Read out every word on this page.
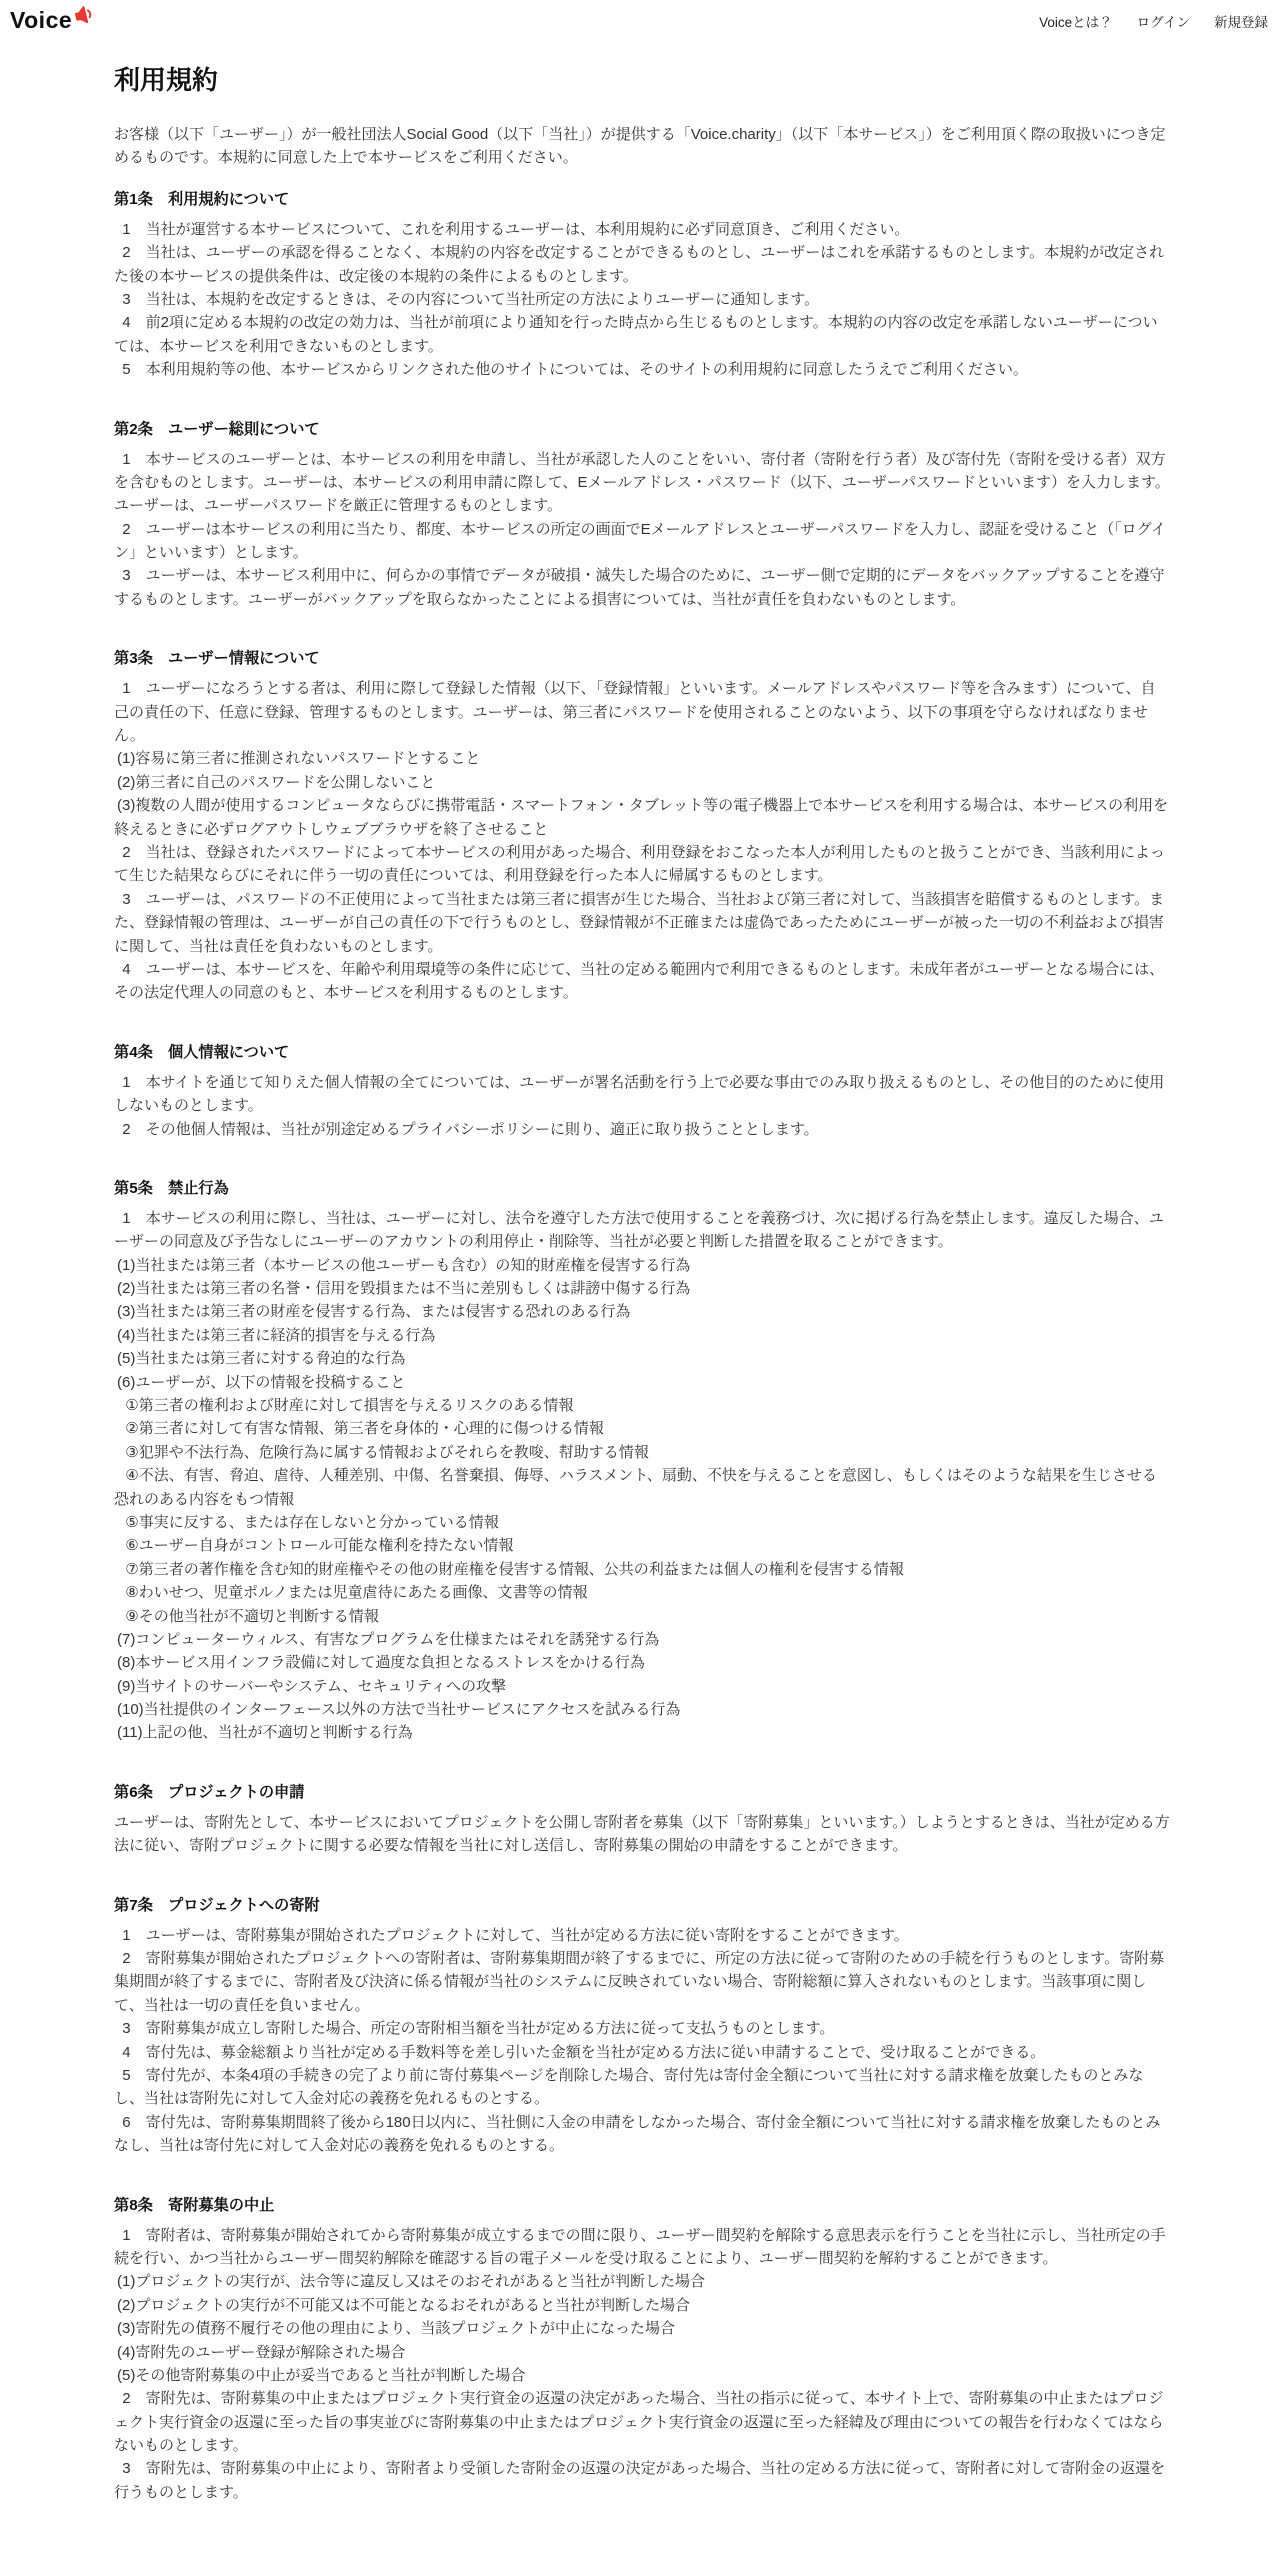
Voice	Voiceとは？ ログイン 新規登録
利用規約

お客様（以下「ユーザー」）が一般社団法人Social Good（以下「当社」）が提供する「Voice.charity」（以下「本サービス」）をご利用頂く際の取扱いにつき定めるものです。本規約に同意した上で本サービスをご利用ください。

第1条　利用規約について

1　当社が運営する本サービスについて、これを利用するユーザーは、本利用規約に必ず同意頂き、ご利用ください。

2　当社は、ユーザーの承認を得ることなく、本規約の内容を改定することができるものとし、ユーザーはこれを承諾するものとします。本規約が改定された後の本サービスの提供条件は、改定後の本規約の条件によるものとします。

3　当社は、本規約を改定するときは、その内容について当社所定の方法によりユーザーに通知します。

4　前2項に定める本規約の改定の効力は、当社が前項により通知を行った時点から生じるものとします。本規約の内容の改定を承諾しないユーザーについては、本サービスを利用できないものとします。

5　本利用規約等の他、本サービスからリンクされた他のサイトについては、そのサイトの利用規約に同意したうえでご利用ください。

第2条　ユーザー総則について

1　本サービスのユーザーとは、本サービスの利用を申請し、当社が承認した人のことをいい、寄付者（寄附を行う者）及び寄付先（寄附を受ける者）双方を含むものとします。ユーザーは、本サービスの利用申請に際して、Eメールアドレス・パスワード（以下、ユーザーパスワードといいます）を入力します。ユーザーは、ユーザーパスワードを厳正に管理するものとします。

2　ユーザーは本サービスの利用に当たり、都度、本サービスの所定の画面でEメールアドレスとユーザーパスワードを入力し、認証を受けること（「ログイン」といいます）とします。

3　ユーザーは、本サービス利用中に、何らかの事情でデータが破損・滅失した場合のために、ユーザー側で定期的にデータをバックアップすることを遵守するものとします。ユーザーがバックアップを取らなかったことによる損害については、当社が責任を負わないものとします。

第3条　ユーザー情報について

1　ユーザーになろうとする者は、利用に際して登録した情報（以下、「登録情報」といいます。メールアドレスやパスワード等を含みます）について、自己の責任の下、任意に登録、管理するものとします。ユーザーは、第三者にパスワードを使用されることのないよう、以下の事項を守らなければなりません。

(1)容易に第三者に推測されないパスワードとすること

(2)第三者に自己のパスワードを公開しないこと

(3)複数の人間が使用するコンピュータならびに携帯電話・スマートフォン・タブレット等の電子機器上で本サービスを利用する場合は、本サービスの利用を終えるときに必ずログアウトしウェブブラウザを終了させること

2　当社は、登録されたパスワードによって本サービスの利用があった場合、利用登録をおこなった本人が利用したものと扱うことができ、当該利用によって生じた結果ならびにそれに伴う一切の責任については、利用登録を行った本人に帰属するものとします。

3　ユーザーは、パスワードの不正使用によって当社または第三者に損害が生じた場合、当社および第三者に対して、当該損害を賠償するものとします。また、登録情報の管理は、ユーザーが自己の責任の下で行うものとし、登録情報が不正確または虚偽であったためにユーザーが被った一切の不利益および損害に関して、当社は責任を負わないものとします。

4　ユーザーは、本サービスを、年齢や利用環境等の条件に応じて、当社の定める範囲内で利用できるものとします。未成年者がユーザーとなる場合には、その法定代理人の同意のもと、本サービスを利用するものとします。

第4条　個人情報について

1　本サイトを通じて知りえた個人情報の全てについては、ユーザーが署名活動を行う上で必要な事由でのみ取り扱えるものとし、その他目的のために使用しないものとします。

2　その他個人情報は、当社が別途定めるプライバシーポリシーに則り、適正に取り扱うこととします。

第5条　禁止行為

1　本サービスの利用に際し、当社は、ユーザーに対し、法令を遵守した方法で使用することを義務づけ、次に掲げる行為を禁止します。違反した場合、ユーザーの同意及び予告なしにユーザーのアカウントの利用停止・削除等、当社が必要と判断した措置を取ることができます。

(1)当社または第三者（本サービスの他ユーザーも含む）の知的財産権を侵害する行為

(2)当社または第三者の名誉・信用を毀損または不当に差別もしくは誹謗中傷する行為

(3)当社または第三者の財産を侵害する行為、または侵害する恐れのある行為

(4)当社または第三者に経済的損害を与える行為

(5)当社または第三者に対する脅迫的な行為

(6)ユーザーが、以下の情報を投稿すること

①第三者の権利および財産に対して損害を与えるリスクのある情報

②第三者に対して有害な情報、第三者を身体的・心理的に傷つける情報

③犯罪や不法行為、危険行為に属する情報およびそれらを教唆、幇助する情報

④不法、有害、脅迫、虐待、人種差別、中傷、名誉棄損、侮辱、ハラスメント、扇動、不快を与えることを意図し、もしくはそのような結果を生じさせる恐れのある内容をもつ情報

⑤事実に反する、または存在しないと分かっている情報

⑥ユーザー自身がコントロール可能な権利を持たない情報

⑦第三者の著作権を含む知的財産権やその他の財産権を侵害する情報、公共の利益または個人の権利を侵害する情報

⑧わいせつ、児童ポルノまたは児童虐待にあたる画像、文書等の情報

⑨その他当社が不適切と判断する情報

(7)コンピューターウィルス、有害なプログラムを仕様またはそれを誘発する行為

(8)本サービス用インフラ設備に対して過度な負担となるストレスをかける行為

(9)当サイトのサーバーやシステム、セキュリティへの攻撃

(10)当社提供のインターフェース以外の方法で当社サービスにアクセスを試みる行為

(11)上記の他、当社が不適切と判断する行為

第6条　プロジェクトの申請

ユーザーは、寄附先として、本サービスにおいてプロジェクトを公開し寄附者を募集（以下「寄附募集」といいます。）しようとするときは、当社が定める方法に従い、寄附プロジェクトに関する必要な情報を当社に対し送信し、寄附募集の開始の申請をすることができます。

第7条　プロジェクトへの寄附

1　ユーザーは、寄附募集が開始されたプロジェクトに対して、当社が定める方法に従い寄附をすることができます。

2　寄附募集が開始されたプロジェクトへの寄附者は、寄附募集期間が終了するまでに、所定の方法に従って寄附のための手続を行うものとします。寄附募集期間が終了するまでに、寄附者及び決済に係る情報が当社のシステムに反映されていない場合、寄附総額に算入されないものとします。当該事項に関して、当社は一切の責任を負いません。

3　寄附募集が成立し寄附した場合、所定の寄附相当額を当社が定める方法に従って支払うものとします。

4　寄付先は、募金総額より当社が定める手数料等を差し引いた金額を当社が定める方法に従い申請することで、受け取ることができる。

5　寄付先が、本条4項の手続きの完了より前に寄付募集ページを削除した場合、寄付先は寄付金全額について当社に対する請求権を放棄したものとみなし、当社は寄附先に対して入金対応の義務を免れるものとする。

6　寄付先は、寄附募集期間終了後から180日以内に、当社側に入金の申請をしなかった場合、寄付金全額について当社に対する請求権を放棄したものとみなし、当社は寄付先に対して入金対応の義務を免れるものとする。

第8条　寄附募集の中止

1　寄附者は、寄附募集が開始されてから寄附募集が成立するまでの間に限り、ユーザー間契約を解除する意思表示を行うことを当社に示し、当社所定の手続を行い、かつ当社からユーザー間契約解除を確認する旨の電子メールを受け取ることにより、ユーザー間契約を解約することができます。

(1)プロジェクトの実行が、法令等に違反し又はそのおそれがあると当社が判断した場合

(2)プロジェクトの実行が不可能又は不可能となるおそれがあると当社が判断した場合

(3)寄附先の債務不履行その他の理由により、当該プロジェクトが中止になった場合

(4)寄附先のユーザー登録が解除された場合

(5)その他寄附募集の中止が妥当であると当社が判断した場合

2　寄附先は、寄附募集の中止またはプロジェクト実行資金の返還の決定があった場合、当社の指示に従って、本サイト上で、寄附募集の中止またはプロジェクト実行資金の返還に至った旨の事実並びに寄附募集の中止またはプロジェクト実行資金の返還に至った経緯及び理由についての報告を行わなくてはならないものとします。

3　寄附先は、寄附募集の中止により、寄附者より受領した寄附金の返還の決定があった場合、当社の定める方法に従って、寄附者に対して寄附金の返還を行うものとします。
